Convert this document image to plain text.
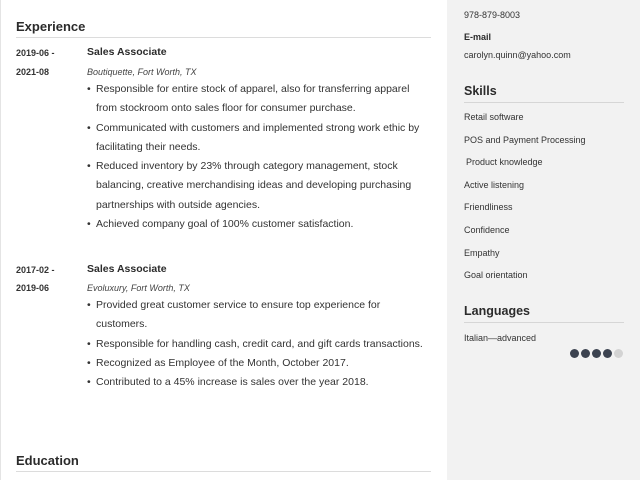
Experience
2019-06 -
2021-08
Sales Associate
Boutiquette, Fort Worth, TX
• Responsible for entire stock of apparel, also for transferring apparel from stockroom onto sales floor for consumer purchase.
• Communicated with customers and implemented strong work ethic by facilitating their needs.
• Reduced inventory by 23% through category management, stock balancing, creative merchandising ideas and developing purchasing partnerships with outside agencies.
• Achieved company goal of 100% customer satisfaction.
2017-02 -
2019-06
Sales Associate
Evoluxury, Fort Worth, TX
• Provided great customer service to ensure top experience for customers.
• Responsible for handling cash, credit card, and gift cards transactions.
• Recognized as Employee of the Month, October 2017.
• Contributed to a 45% increase is sales over the year 2018.
Education
978-879-8003
E-mail
carolyn.quinn@yahoo.com
Skills
Retail software
POS and Payment Processing
Product knowledge
Active listening
Friendliness
Confidence
Empathy
Goal orientation
Languages
Italian—advanced
